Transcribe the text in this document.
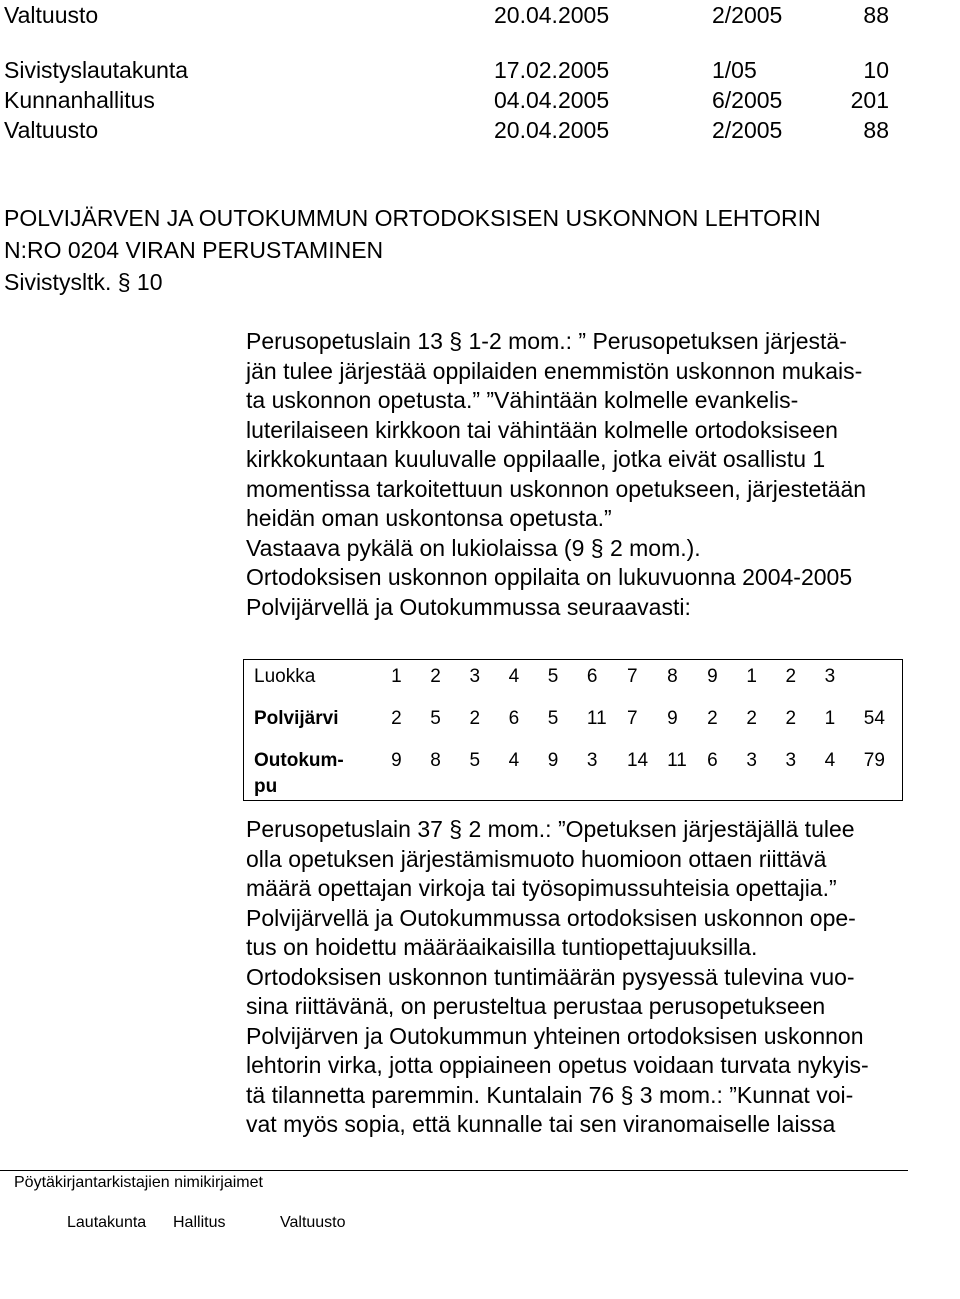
Valtuusto	20.04.2005	2/2005	88
Sivistyslautakunta	17.02.2005	1/05	10
Kunnanhallitus	04.04.2005	6/2005	201
Valtuusto	20.04.2005	2/2005	88
POLVIJÄRVEN JA OUTOKUMMUN ORTODOKSISEN USKONNON LEHTORIN
N:RO 0204 VIRAN PERUSTAMINEN
Sivistysltk. § 10
Perusopetuslain 13 § 1-2 mom.: ” Perusopetuksen järjestä-
jän tulee järjestää oppilaiden enemmistön uskonnon mukais-
ta uskonnon opetusta.” ”Vähintään kolmelle evankelis-
luterilaiseen kirkkoon tai vähintään kolmelle ortodoksiseen
kirkkokuntaan kuuluvalle oppilaalle, jotka eivät osallistu 1
momentissa tarkoitettuun uskonnon opetukseen, järjestetään
heidän oman uskontonsa opetusta.”
Vastaava pykälä on lukiolaissa (9 § 2 mom.).
Ortodoksisen uskonnon oppilaita on lukuvuonna 2004-2005
Polvijärvellä ja Outokummussa seuraavasti:
Luokka	1	2	3	4	5	6	7	8	9	1	2	3	
Polvijärvi	2	5	2	6	5	11	7	9	2	2	2	1	54
Outokum-
pu	9	8	5	4	9	3	14	11	6	3	3	4	79
Perusopetuslain 37 § 2 mom.: ”Opetuksen järjestäjällä tulee
olla opetuksen järjestämismuoto huomioon ottaen riittävä
määrä opettajan virkoja tai työsopimussuhteisia opettajia.”
Polvijärvellä ja Outokummussa ortodoksisen uskonnon ope-
tus on hoidettu määräaikaisilla tuntiopettajuuksilla.
Ortodoksisen uskonnon tuntimäärän pysyessä tulevina vuo-
sina riittävänä, on perusteltua perustaa perusopetukseen
Polvijärven ja Outokummun yhteinen ortodoksisen uskonnon
lehtorin virka, jotta oppiaineen opetus voidaan turvata nykyis-
tä tilannetta paremmin. Kuntalain 76 § 3 mom.: ”Kunnat voi-
vat myös sopia, että kunnalle tai sen viranomaiselle laissa
Pöytäkirjantarkistajien nimikirjaimet
Lautakunta Hallitus	Valtuusto
